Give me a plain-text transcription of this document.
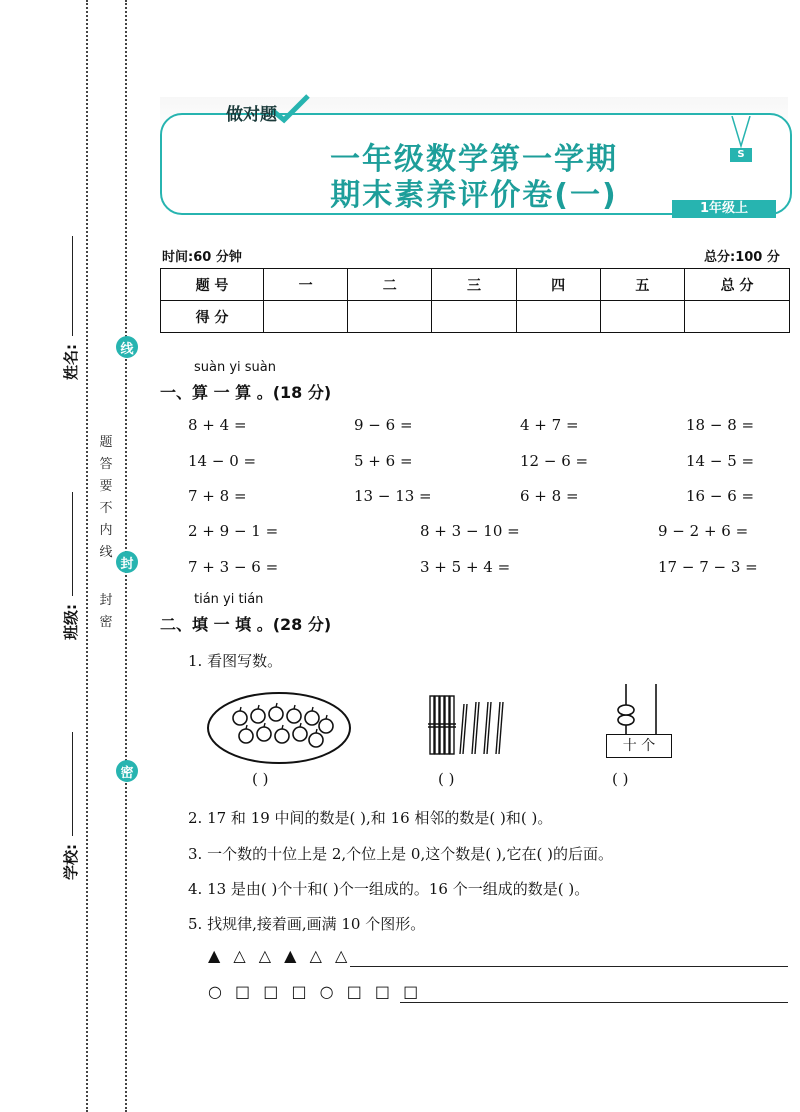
姓名:
班级:
学校:
线
封
密
题
答
要
不
内
线
封
密
做对题
一年级数学第一学期
期末素养评价卷(一)
S
1年级上
时间:60 分钟	总分:100 分
题 号	一	二	三	四	五	总 分
得 分						
suàn yi suàn
一、算 一 算 。(18 分)
8 + 4 =	9 − 6 =	4 + 7 =	18 − 8 =
14 − 0 =	5 + 6 =	12 − 6 =	14 − 5 =
7 + 8 =	13 − 13 =	6 + 8 =	16 − 6 =
2 + 9 − 1 =	8 + 3 − 10 =	9 − 2 + 6 =
7 + 3 − 6 =	3 + 5 + 4 =	17 − 7 − 3 =
tián yi tián
二、填 一 填 。(28 分)
1. 看图写数。
十 个
( )	( )	( )
2. 17 和 19 中间的数是( ),和 16 相邻的数是( )和( )。
3. 一个数的十位上是 2,个位上是 0,这个数是( ),它在( )的后面。
4. 13 是由( )个十和( )个一组成的。16 个一组成的数是( )。
5. 找规律,接着画,画满 10 个图形。
▲ △ △ ▲ △ △
○ □ □ □ ○ □ □ □
